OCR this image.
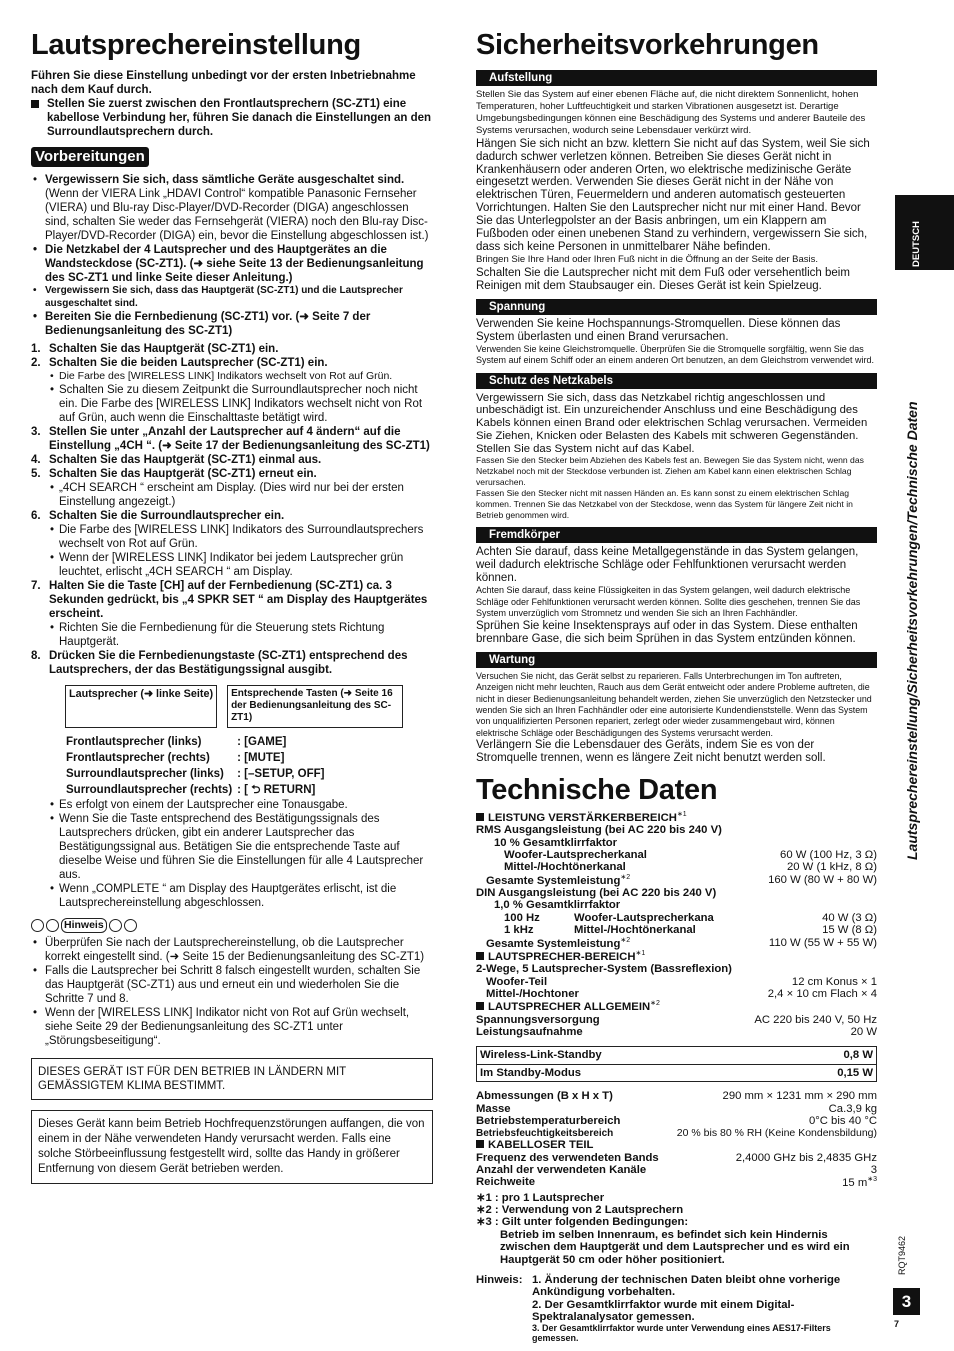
Lautsprechereinstellung
Führen Sie diese Einstellung unbedingt vor der ersten Inbetriebnahme nach dem Kauf durch.
Stellen Sie zuerst zwischen den Frontlautsprechern (SC-ZT1) eine kabellose Verbindung her, führen Sie danach die Einstellungen an den Surroundlautsprechern durch.
Vorbereitungen
• Vergewissern Sie sich, dass sämtliche Geräte ausgeschaltet sind.
(Wenn der VIERA Link „HDAVI Control“ kompatible Panasonic Fernseher (VIERA) und Blu-ray Disc-Player/DVD-Recorder (DIGA) angeschlossen sind, schalten Sie weder das Fernsehgerät (VIERA) noch den Blu-ray Disc-Player/DVD-Recorder (DIGA) ein, bevor die Einstellung abgeschlossen ist.)
• Die Netzkabel der 4 Lautsprecher und des Hauptgerätes an die Wandsteckdose (SC-ZT1). (➜ siehe Seite 13 der Bedienungsanleitung des SC-ZT1 und linke Seite dieser Anleitung.)
• Vergewissern Sie sich, dass das Hauptgerät (SC-ZT1) und die Lautsprecher ausgeschaltet sind.
• Bereiten Sie die Fernbedienung (SC-ZT1) vor. (➜ Seite 7 der Bedienungsanleitung des SC-ZT1)
1. Schalten Sie das Hauptgerät (SC-ZT1) ein.
2. Schalten Sie die beiden Lautsprecher (SC-ZT1) ein.
• Die Farbe des [WIRELESS LINK] Indikators wechselt von Rot auf Grün.
• Schalten Sie zu diesem Zeitpunkt die Surroundlautsprecher noch nicht ein. Die Farbe des [WIRELESS LINK] Indikators wechselt nicht von Rot auf Grün, auch wenn die Einschalttaste betätigt wird.
3. Stellen Sie unter „Anzahl der Lautsprecher auf 4 ändern“ auf die Einstellung „4CH “. (➜ Seite 17 der Bedienungsanleitung des SC-ZT1)
4. Schalten Sie das Hauptgerät (SC-ZT1) einmal aus.
5. Schalten Sie das Hauptgerät (SC-ZT1) erneut ein.
• „4CH SEARCH “ erscheint am Display. (Dies wird nur bei der ersten Einstellung angezeigt.)
6. Schalten Sie die Surroundlautsprecher ein.
• Die Farbe des [WIRELESS LINK] Indikators des Surroundlautsprechers wechselt von Rot auf Grün.
• Wenn der [WIRELESS LINK] Indikator bei jedem Lautsprecher grün leuchtet, erlischt „4CH SEARCH “ am Display.
7. Halten Sie die Taste [CH] auf der Fernbedienung (SC-ZT1) ca. 3 Sekunden gedrückt, bis „4 SPKR SET “ am Display des Hauptgerätes erscheint.
• Richten Sie die Fernbedienung für die Steuerung stets Richtung Hauptgerät.
8. Drücken Sie die Fernbedienungstaste (SC-ZT1) entsprechend des Lautsprechers, der das Bestätigungssignal ausgibt.
Lautsprecher (➜ linke Seite)		Entsprechende Tasten (➜ Seite 16 der Bedienungsanleitung des SC-ZT1)
Frontlautsprecher (links)	: [GAME]
Frontlautsprecher (rechts)	: [MUTE]
Surroundlautsprecher (links)	: [–SETUP, OFF]
Surroundlautsprecher (rechts)	: [ ⮌ RETURN]
• Es erfolgt von einem der Lautsprecher eine Tonausgabe.
• Wenn Sie die Taste entsprechend des Bestätigungssignals des Lautsprechers drücken, gibt ein anderer Lautsprecher das Bestätigungssignal aus. Betätigen Sie die entsprechende Taste auf dieselbe Weise und führen Sie die Einstellungen für alle 4 Lautsprecher aus.
• Wenn „COMPLETE “ am Display des Hauptgerätes erlischt, ist die Lautsprechereinstellung abgeschlossen.
Hinweis
• Überprüfen Sie nach der Lautsprechereinstellung, ob die Lautsprecher korrekt eingestellt sind. (➜ Seite 15 der Bedienungsanleitung des SC-ZT1)
• Falls die Lautsprecher bei Schritt 8 falsch eingestellt wurden, schalten Sie das Hauptgerät (SC-ZT1) aus und erneut ein und wiederholen Sie die Schritte 7 und 8.
• Wenn der [WIRELESS LINK] Indikator nicht von Rot auf Grün wechselt, siehe Seite 29 der Bedienungsanleitung des SC-ZT1 unter „Störungsbeseitigung“.
DIESES GERÄT IST FÜR DEN BETRIEB IN LÄNDERN MIT GEMÄSSIGTEM KLIMA BESTIMMT.
Dieses Gerät kann beim Betrieb Hochfrequenzstörungen auffangen, die von einem in der Nähe verwendeten Handy verursacht werden. Falls eine solche Störbeeinflussung festgestellt wird, sollte das Handy in größerer Entfernung von diesem Gerät betrieben werden.
Sicherheitsvorkehrungen
Aufstellung
Stellen Sie das System auf einer ebenen Fläche auf, die nicht direktem Sonnenlicht, hohen Temperaturen, hoher Luftfeuchtigkeit und starken Vibrationen ausgesetzt ist. Derartige Umgebungsbedingungen können eine Beschädigung des Systems und anderer Bauteile des Systems verursachen, wodurch seine Lebensdauer verkürzt wird.
Hängen Sie sich nicht an bzw. klettern Sie nicht auf das System, weil Sie sich dadurch schwer verletzen können. Betreiben Sie dieses Gerät nicht in Krankenhäusern oder anderen Orten, wo elektrische medizinische Geräte eingesetzt werden. Verwenden Sie dieses Gerät nicht in der Nähe von elektrischen Türen, Feuermeldern und anderen automatisch gesteuerten Vorrichtungen. Halten Sie den Lautsprecher nicht nur mit einer Hand. Bevor Sie das Unterlegpolster an der Basis anbringen, um ein Klappern am Fußboden oder einen unebenen Stand zu verhindern, vergewissern Sie sich, dass sich keine Personen in unmittelbarer Nähe befinden.
Bringen Sie Ihre Hand oder Ihren Fuß nicht in die Öffnung an der Seite der Basis.
Schalten Sie die Lautsprecher nicht mit dem Fuß oder versehentlich beim Reinigen mit dem Staubsauger ein. Dieses Gerät ist kein Spielzeug.
Spannung
Verwenden Sie keine Hochspannungs-Stromquellen. Diese können das System überlasten und einen Brand verursachen.
Verwenden Sie keine Gleichstromquelle. Überprüfen Sie die Stromquelle sorgfältig, wenn Sie das System auf einem Schiff oder an einem anderen Ort benutzen, an dem Gleichstrom verwendet wird.
Schutz des Netzkabels
Vergewissern Sie sich, dass das Netzkabel richtig angeschlossen und unbeschädigt ist. Ein unzureichender Anschluss und eine Beschädigung des Kabels können einen Brand oder elektrischen Schlag verursachen. Vermeiden Sie Ziehen, Knicken oder Belasten des Kabels mit schweren Gegenständen. Stellen Sie das System nicht auf das Kabel.
Fassen Sie den Stecker beim Abziehen des Kabels fest an. Bewegen Sie das System nicht, wenn das Netzkabel noch mit der Steckdose verbunden ist. Ziehen am Kabel kann einen elektrischen Schlag verursachen.
Fassen Sie den Stecker nicht mit nassen Händen an. Es kann sonst zu einem elektrischen Schlag kommen. Trennen Sie das Netzkabel von der Steckdose, wenn das System für längere Zeit nicht in Betrieb genommen wird.
Fremdkörper
Achten Sie darauf, dass keine Metallgegenstände in das System gelangen, weil dadurch elektrische Schläge oder Fehlfunktionen verursacht werden können.
Achten Sie darauf, dass keine Flüssigkeiten in das System gelangen, weil dadurch elektrische Schläge oder Fehlfunktionen verursacht werden können. Sollte dies geschehen, trennen Sie das System unverzüglich vom Stromnetz und wenden Sie sich an Ihren Fachhändler.
Sprühen Sie keine Insektensprays auf oder in das System. Diese enthalten brennbare Gase, die sich beim Sprühen in das System entzünden können.
Wartung
Versuchen Sie nicht, das Gerät selbst zu reparieren. Falls Unterbrechungen im Ton auftreten, Anzeigen nicht mehr leuchten, Rauch aus dem Gerät entweicht oder andere Probleme auftreten, die nicht in dieser Bedienungsanleitung behandelt werden, ziehen Sie unverzüglich den Netzstecker und wenden Sie sich an Ihren Fachhändler oder eine autorisierte Kundendienststelle. Wenn das System von unqualifizierten Personen repariert, zerlegt oder wieder zusammengebaut wird, können elektrische Schläge oder Beschädigungen des Systems verursacht werden.
Verlängern Sie die Lebensdauer des Geräts, indem Sie es von der Stromquelle trennen, wenn es längere Zeit nicht benutzt werden soll.
Technische Daten
LEISTUNG $VERSTÄRKERBEREICH^{∗1}$
RMS Ausgangsleistung (bei AC 220 bis 240 V)
10 % Gesamtklirrfaktor
Woofer-Lautsprecherkanal	60 W (100 Hz, 3 Ω)
Mittel-/Hochtönerkanal	20 W (1 kHz, 8 Ω)
Gesamte Systemleistung$^{∗2}$	160 W (80 W + 80 W)
DIN Ausgangsleistung (bei AC 220 bis 240 V)
1,0 % Gesamtklirrfaktor
100 Hz	Woofer-Lautsprecherkana	40 W (3 Ω)
1 kHz	Mittel-/Hochtönerkanal	15 W (8 Ω)
Gesamte Systemleistung$^{∗2}$		110 W (55 W + 55 W)
LAUTSPRECHER-$BEREICH^{∗1}$
2-Wege, 5 Lautsprecher-System (Bassreflexion)
Woofer-Teil	12 cm Konus × 1
Mittel-/Hochtoner	2,4 × 10 cm Flach × 4
LAUTSPRECHER $ALLGEMEIN^{∗2}$
Spannungsversorgung	AC 220 bis 240 V, 50 Hz
Leistungsaufnahme	20 W
Wireless-Link-Standby	0,8 W
Im Standby-Modus	0,15 W
Abmessungen (B x H x T)	290 mm × 1231 mm × 290 mm
Masse	Ca.3,9 kg
Betriebstemperaturbereich	0°C bis 40 °C
Betriebsfeuchtigkeitsbereich	20 % bis 80 % RH (Keine Kondensbildung)
KABELLOSER TEIL
Frequenz des verwendeten Bands	2,4000 GHz bis 2,4835 GHz
Anzahl der verwendeten Kanäle	3
Reichweite	15 $m^{∗3}$
∗1 : pro 1 Lautsprecher
∗2 : Verwendung von 2 Lautsprechern
∗3 : Gilt unter folgenden Bedingungen:
Betrieb im selben Innenraum, es befindet sich kein Hindernis zwischen dem Hauptgerät und dem Lautsprecher und es wird ein Hauptgerät 50 cm oder höher positioniert.
Hinweis: 1. Änderung der technischen Daten bleibt ohne vorherige Ankündigung vorbehalten.
2. Der Gesamtklirrfaktor wurde mit einem Digital-Spektralanalysator gemessen.
3. Der Gesamtklirrfaktor wurde unter Verwendung eines AES17-Filters gemessen.
DEUTSCH
Lautsprechereinstellung/Sicherheitsvorkehrungen/Technische Daten
RQT9462
3
7
